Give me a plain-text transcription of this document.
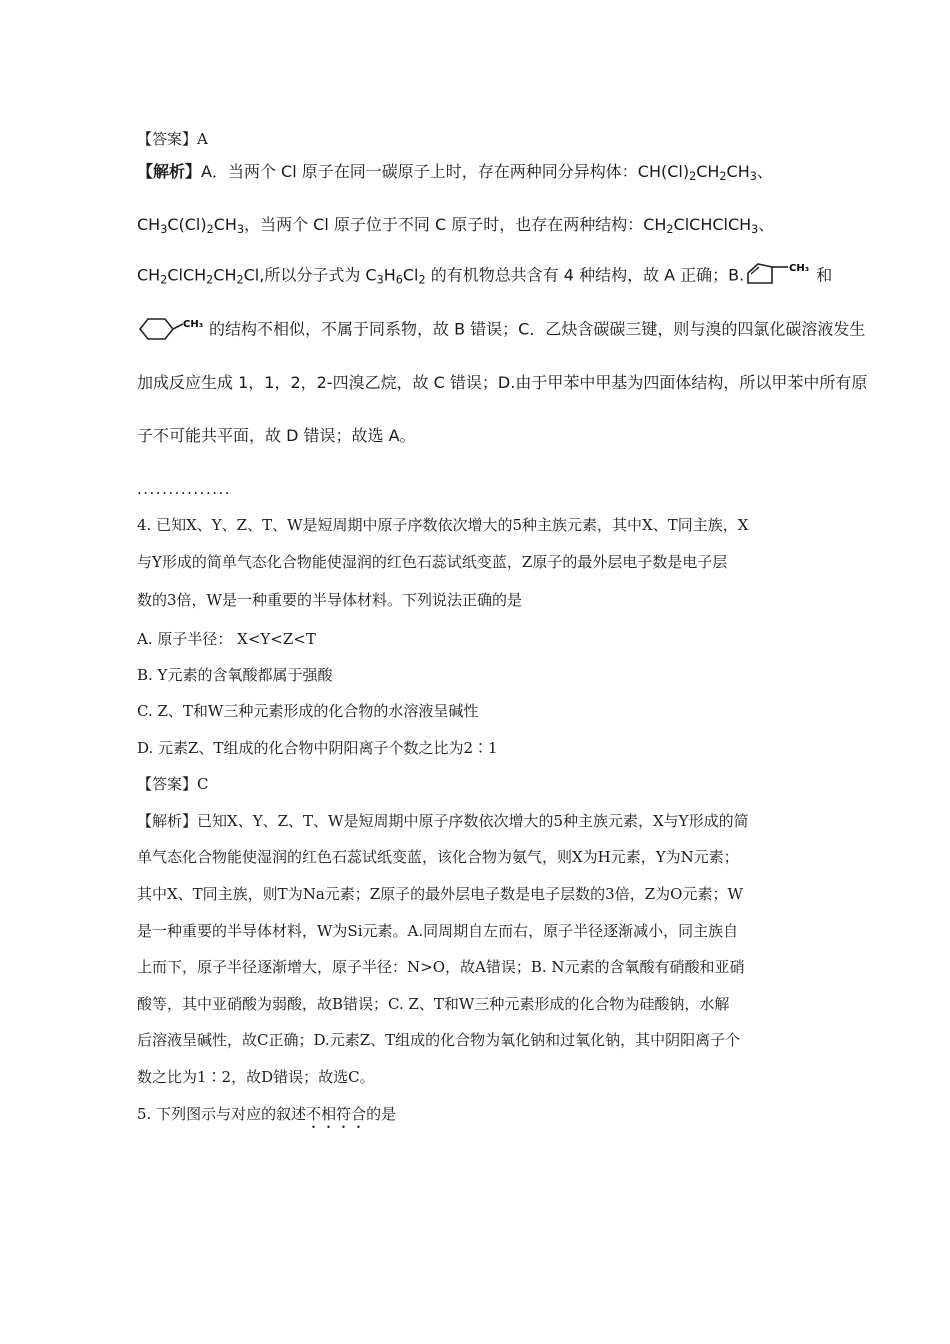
【答案】A
【解析】A．当两个 Cl 原子在同一碳原子上时，存在两种同分异构体：$CH(Cl)_2CH_2CH_3$、
$CH_3C(Cl)_2CH_3$，当两个 Cl 原子位于不同 C 原子时，也存在两种结构：$CH_2ClCHClCH_3$、
$CH_2ClCH_2CH_2Cl$,所以分子式为 $C_3H_6Cl_2$ 的有机物总共含有 4 种结构，故 A 正确；B.	CH₃ 和
CH₃ 的结构不相似，不属于同系物，故 B 错误；C．乙炔含碳碳三键，则与溴的四氯化碳溶液发生
加成反应生成 1，1，2，2-四溴乙烷，故 C 错误；D.由于甲苯中甲基为四面体结构，所以甲苯中所有原
子不可能共平面，故 D 错误；故选 A。
...............
4. 已知X、Y、Z、T、W是短周期中原子序数依次增大的5种主族元素，其中X、T同主族，X
与Y形成的简单气态化合物能使湿润的红色石蕊试纸变蓝，Z原子的最外层电子数是电子层
数的3倍，W是一种重要的半导体材料。下列说法正确的是
A. 原子半径： X<Y<Z<T
B. Y元素的含氧酸都属于强酸
C. Z、T和W三种元素形成的化合物的水溶液呈碱性
D. 元素Z、T组成的化合物中阴阳离子个数之比为2∶1
【答案】C
【解析】已知X、Y、Z、T、W是短周期中原子序数依次增大的5种主族元素，X与Y形成的简
单气态化合物能使湿润的红色石蕊试纸变蓝，该化合物为氨气，则X为H元素，Y为N元素；
其中X、T同主族，则T为Na元素；Z原子的最外层电子数是电子层数的3倍，Z为O元素；W
是一种重要的半导体材料，W为Si元素。A.同周期自左而右，原子半径逐渐减小，同主族自
上而下，原子半径逐渐增大，原子半径：N>O，故A错误；B. N元素的含氧酸有硝酸和亚硝
酸等，其中亚硝酸为弱酸，故B错误；C. Z、T和W三种元素形成的化合物为硅酸钠，水解
后溶液呈碱性，故C正确；D.元素Z、T组成的化合物为氧化钠和过氧化钠，其中阴阳离子个
数之比为1∶2，故D错误；故选C。
5. 下列图示与对应的叙述不相符合的是
